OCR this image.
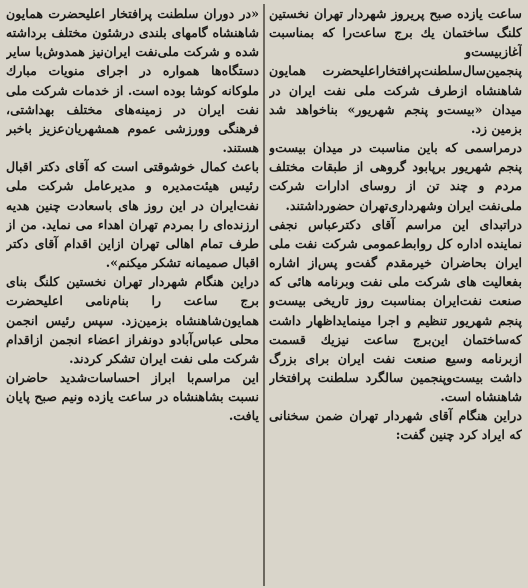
ساعت یازده صبح پریروز شهردار تهران نخستین کلنگ ساختمان یك برج ساعت‌را که بمناسبت آغازبیست‌و پنجمین‌سال‌سلطنت‌پرافتخاراعلیحضرت همایون شاهنشاه ازطرف شرکت ملی نفت ایران در میدان «بیست‌و پنجم شهریور» بناخواهد شد بزمین زد.

درمراسمی که باین مناسبت در میدان بیست‌و پنجم شهریور برپابود گروهی از طبقات مختلف مردم و چند تن از روسای ادارات شرکت ملی‌نفت ایران وشهرداری‌تهران حضورداشتند.

دراتبدای این مراسم آقای دکترعباس نجفی نماینده اداره کل روابط‌عمومی شرکت نفت ملی ایران بحاضران خیرمقدم گفت‌و پس‌از اشاره بفعالیت های شرکت ملی نفت وبرنامه هائی که صنعت نفت‌ایران بمناسبت روز تاریخی بیست‌و پنجم شهریور تنظیم و اجرا مینماید‌اظهار داشت که‌ساختمان این‌برج ساعت نیز‌یك قسمت از‌برنامه وسیع صنعت نفت ایران برای بزرگ‌ داشت بیست‌و‌پنجمین سالگرد سلطنت پرافتخار شاهنشاه است.

دراین هنگام آقای شهردار تهران ضمن سخنانی که ایراد کرد چنین گفت:

«در دوران سلطنت پرافتخار اعلیحضرت همایون شاهنشاه گامهای بلندی درشئون مختلف برداشته شده و شرکت ملی‌نفت ایران‌نیز همدوش‌با سایر دستگاه‌ها همواره در اجرای منویات مبارك ملوکانه کوشا بوده است. از خدمات شرکت ملی نفت ایران در زمینه‌های مختلف بهداشتی، فرهنگی وورزشی عموم همشهریان‌عزیز باخبر هستند.

باعث کمال خوشوقتی است که آقای دکتر اقبال رئیس هیئت‌مدیره و مدیرعامل شرکت ملی نفت‌ایران در این روز های باسعادت چنین هدیه ارزنده‌ای را بمردم تهران اهداء می نماید. من از طرف تمام اهالی تهران ازاین اقدام آقای دکتر اقبال صمیمانه تشکر میکنم».

دراین هنگام شهردار تهران نخستین کلنگ بنای برج ساعت را بنام‌نامی اعلیحضرت همایون‌شاهنشاه بزمین‌زد. سپس رئیس انجمن محلی عباس‌آبادو دونفراز اعضاء انجمن ازاقدام شرکت ملی نفت ایران تشکر کردند.

این مراسم‌با ابراز احساسات‌شدید حاضران نسبت بشاهنشاه در ساعت یازده ونیم صبح پایان یافت.
